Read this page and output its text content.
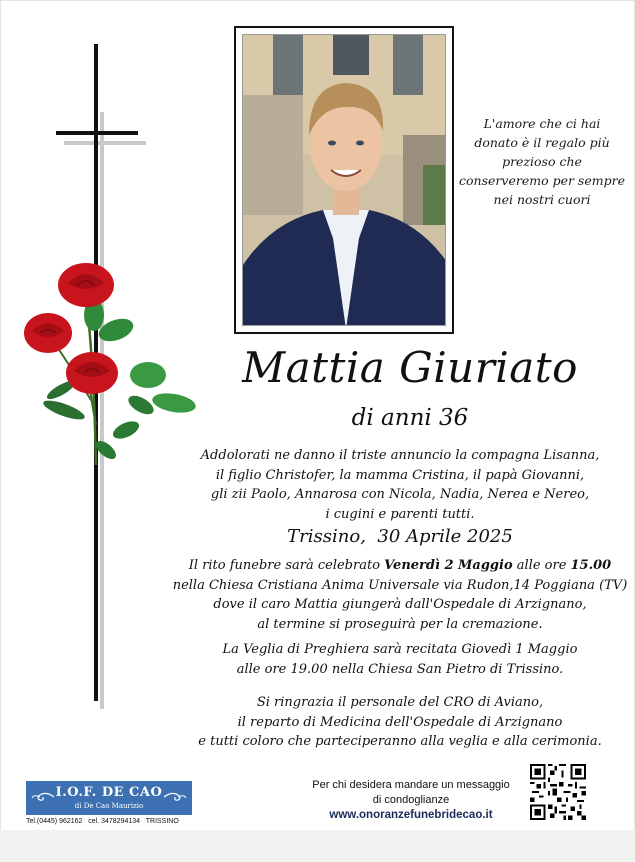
L'amore che ci hai
donato è il regalo più
prezioso che
conserveremo per sempre
nei nostri cuori
Mattia Giuriato
di anni 36

Addolorati ne danno il triste annuncio la compagna Lisanna,

il figlio Christofer, la mamma Cristina, il papà Giovanni,

gli zii Paolo, Annarosa con Nicola, Nadia, Nerea e Nereo,

i cugini e parenti tutti.

Trissino,  30 Aprile 2025

Il rito funebre sarà celebrato Venerdì 2 Maggio alle ore 15.00

nella Chiesa Cristiana Anima Universale via Rudon,14 Poggiana (TV)

dove il caro Mattia giungerà dall'Ospedale di Arzignano,

al termine si proseguirà per la cremazione.

La Veglia di Preghiera sarà recitata Giovedì 1 Maggio

alle ore 19.00 nella Chiesa San Pietro di Trissino.

Si ringrazia il personale del CRO di Aviano,

il reparto di Medicina dell'Ospedale di Arzignano

e tutti coloro che parteciperanno alla veglia e alla cerimonia.

I.O.F. DE CAO
di De Cao Maurizio
Tel.(0445) 962162   cel. 3478294134   TRISSINO
Per chi desidera mandare un messaggio
di condoglianze
www.onoranzefunebridecao.it
